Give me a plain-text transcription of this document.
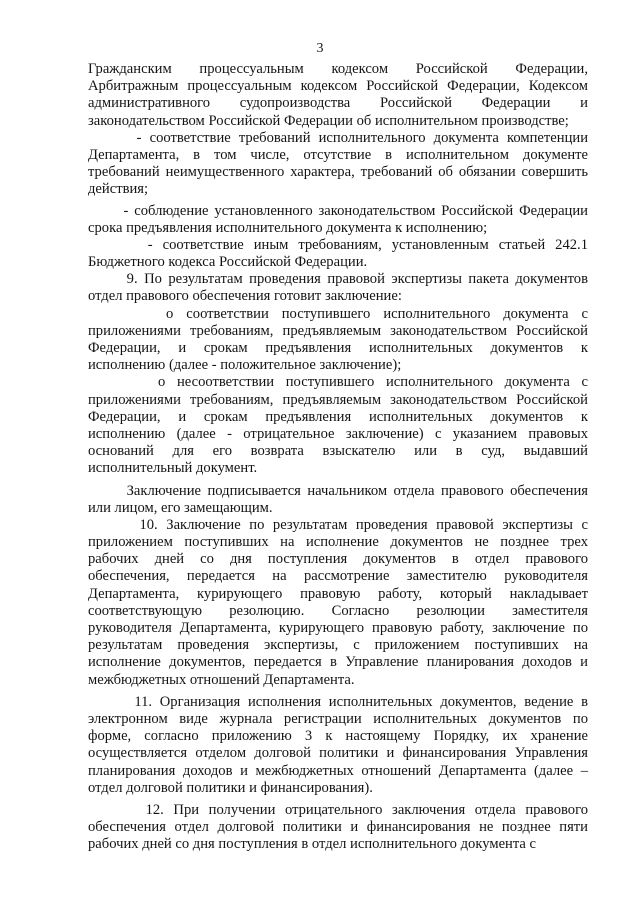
3
Гражданским процессуальным кодексом Российской Федерации,
Арбитражным процессуальным кодексом Российской Федерации, Кодексом
административного судопроизводства Российской Федерации и
законодательством Российской Федерации об исполнительном производстве;
- соответствие требований исполнительного документа компетенции
Департамента, в том числе, отсутствие в исполнительном документе
требований неимущественного характера, требований об обязании совершить
действия;
- соблюдение установленного законодательством Российской Федерации
срока предъявления исполнительного документа к исполнению;
- соответствие иным требованиям, установленным статьей 242.1
Бюджетного кодекса Российской Федерации.
9. По результатам проведения правовой экспертизы пакета документов
отдел правового обеспечения готовит заключение:
о соответствии поступившего исполнительного документа с
приложениями требованиям, предъявляемым законодательством Российской
Федерации, и срокам предъявления исполнительных документов к
исполнению (далее - положительное заключение);
о несоответствии поступившего исполнительного документа с
приложениями требованиям, предъявляемым законодательством Российской
Федерации, и срокам предъявления исполнительных документов к
исполнению (далее - отрицательное заключение) с указанием правовых
оснований для его возврата взыскателю или в суд, выдавший
исполнительный документ.
Заключение подписывается начальником отдела правового обеспечения
или лицом, его замещающим.
10. Заключение по результатам проведения правовой экспертизы с
приложением поступивших на исполнение документов не позднее трех
рабочих дней со дня поступления документов в отдел правового
обеспечения, передается на рассмотрение заместителю руководителя
Департамента, курирующего правовую работу, который накладывает
соответствующую резолюцию. Согласно резолюции заместителя
руководителя Департамента, курирующего правовую работу, заключение по
результатам проведения экспертизы, с приложением поступивших на
исполнение документов, передается в Управление планирования доходов и
межбюджетных отношений Департамента.
11. Организация исполнения исполнительных документов, ведение в
электронном виде журнала регистрации исполнительных документов по
форме, согласно приложению 3 к настоящему Порядку, их хранение
осуществляется отделом долговой политики и финансирования Управления
планирования доходов и межбюджетных отношений Департамента (далее –
отдел долговой политики и финансирования).
12. При получении отрицательного заключения отдела правового
обеспечения отдел долговой политики и финансирования не позднее пяти
рабочих дней со дня поступления в отдел исполнительного документа с
